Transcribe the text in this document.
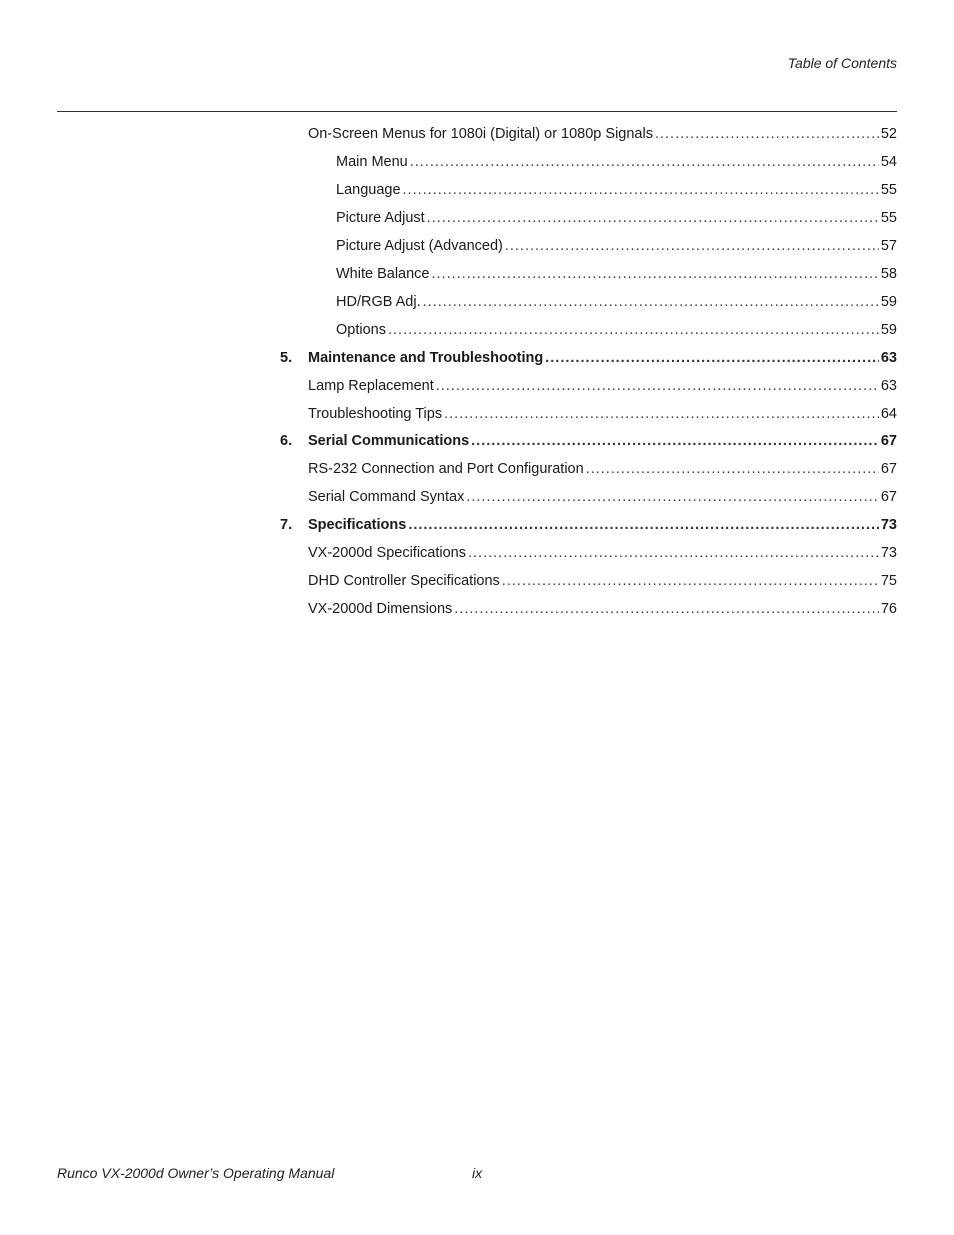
Table of Contents
On-Screen Menus for 1080i (Digital) or 1080p Signals .....	52
Main Menu .....	54
Language .....	55
Picture Adjust .....	55
Picture Adjust (Advanced) .....	57
White Balance .....	58
HD/RGB Adj. .....	59
Options .....	59
5. Maintenance and Troubleshooting .....	63
Lamp Replacement .....	63
Troubleshooting Tips .....	64
6. Serial Communications .....	67
RS-232 Connection and Port Configuration .....	67
Serial Command Syntax .....	67
7. Specifications .....	73
VX-2000d Specifications .....	73
DHD Controller Specifications .....	75
VX-2000d Dimensions .....	76
Runco VX-2000d Owner’s Operating Manual	ix
